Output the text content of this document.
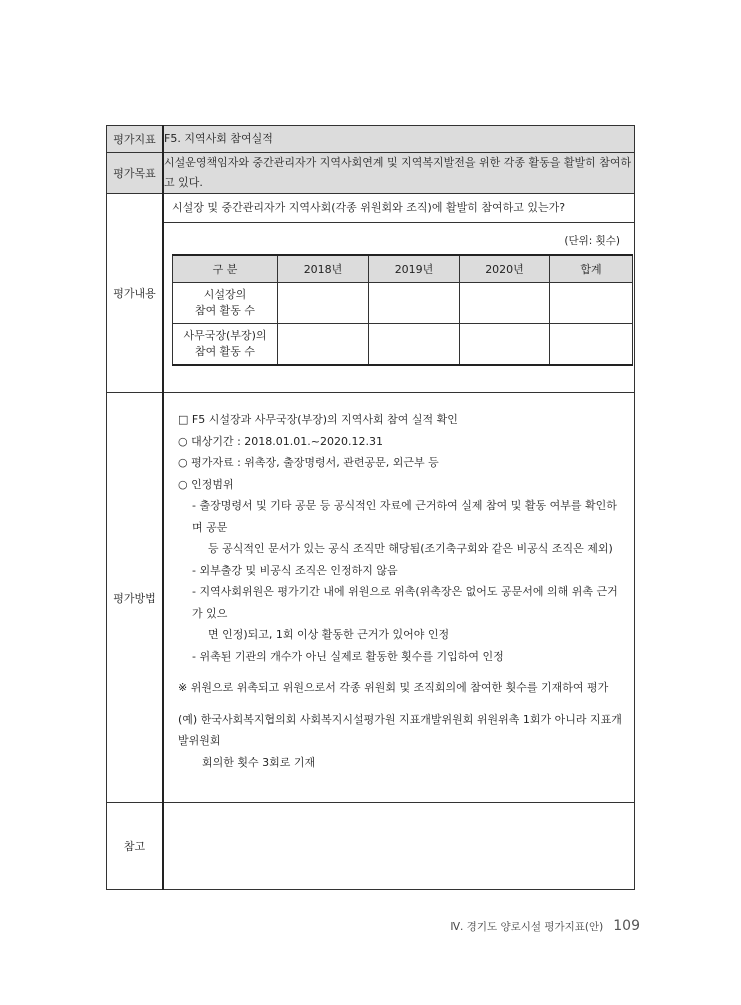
평가지표	F5. 지역사회 참여실적
평가목표	시설운영책임자와 중간관리자가 지역사회연계 및 지역복지발전을 위한 각종 활동을 활발히 참여하고 있다.
평가내용	
시설장 및 중간관리자가 지역사회(각종 위원회와 조직)에 활발히 참여하고 있는가?
(단위: 횟수)
구 분	2018년	2019년	2020년	합계

시설장의
참여 활동 수

사무국장(부장)의
참여 활동 수

평가방법	
□ F5 시설장과 사무국장(부장)의 지역사회 참여 실적 확인
○ 대상기간 : 2018.01.01.~2020.12.31
○ 평가자료 : 위촉장, 출장명령서, 관련공문, 외근부 등
○ 인정범위
- 출장명령서 및 기타 공문 등 공식적인 자료에 근거하여 실제 참여 및 활동 여부를 확인하며 공문
등 공식적인 문서가 있는 공식 조직만 해당됨(조기축구회와 같은 비공식 조직은 제외)
- 외부출강 및 비공식 조직은 인정하지 않음
- 지역사회위원은 평가기간 내에 위원으로 위촉(위촉장은 없어도 공문서에 의해 위촉 근거가 있으
면 인정)되고, 1회 이상 활동한 근거가 있어야 인정
- 위촉된 기관의 개수가 아닌 실제로 활동한 횟수를 기입하여 인정
※ 위원으로 위촉되고 위원으로서 각종 위원회 및 조직회의에 참여한 횟수를 기재하여 평가
(예) 한국사회복지협의회 사회복지시설평가원 지표개발위원회 위원위촉 1회가 아니라 지표개발위원회
회의한 횟수 3회로 기재

참고	
Ⅳ. 경기도 양로시설 평가지표(안) 109
